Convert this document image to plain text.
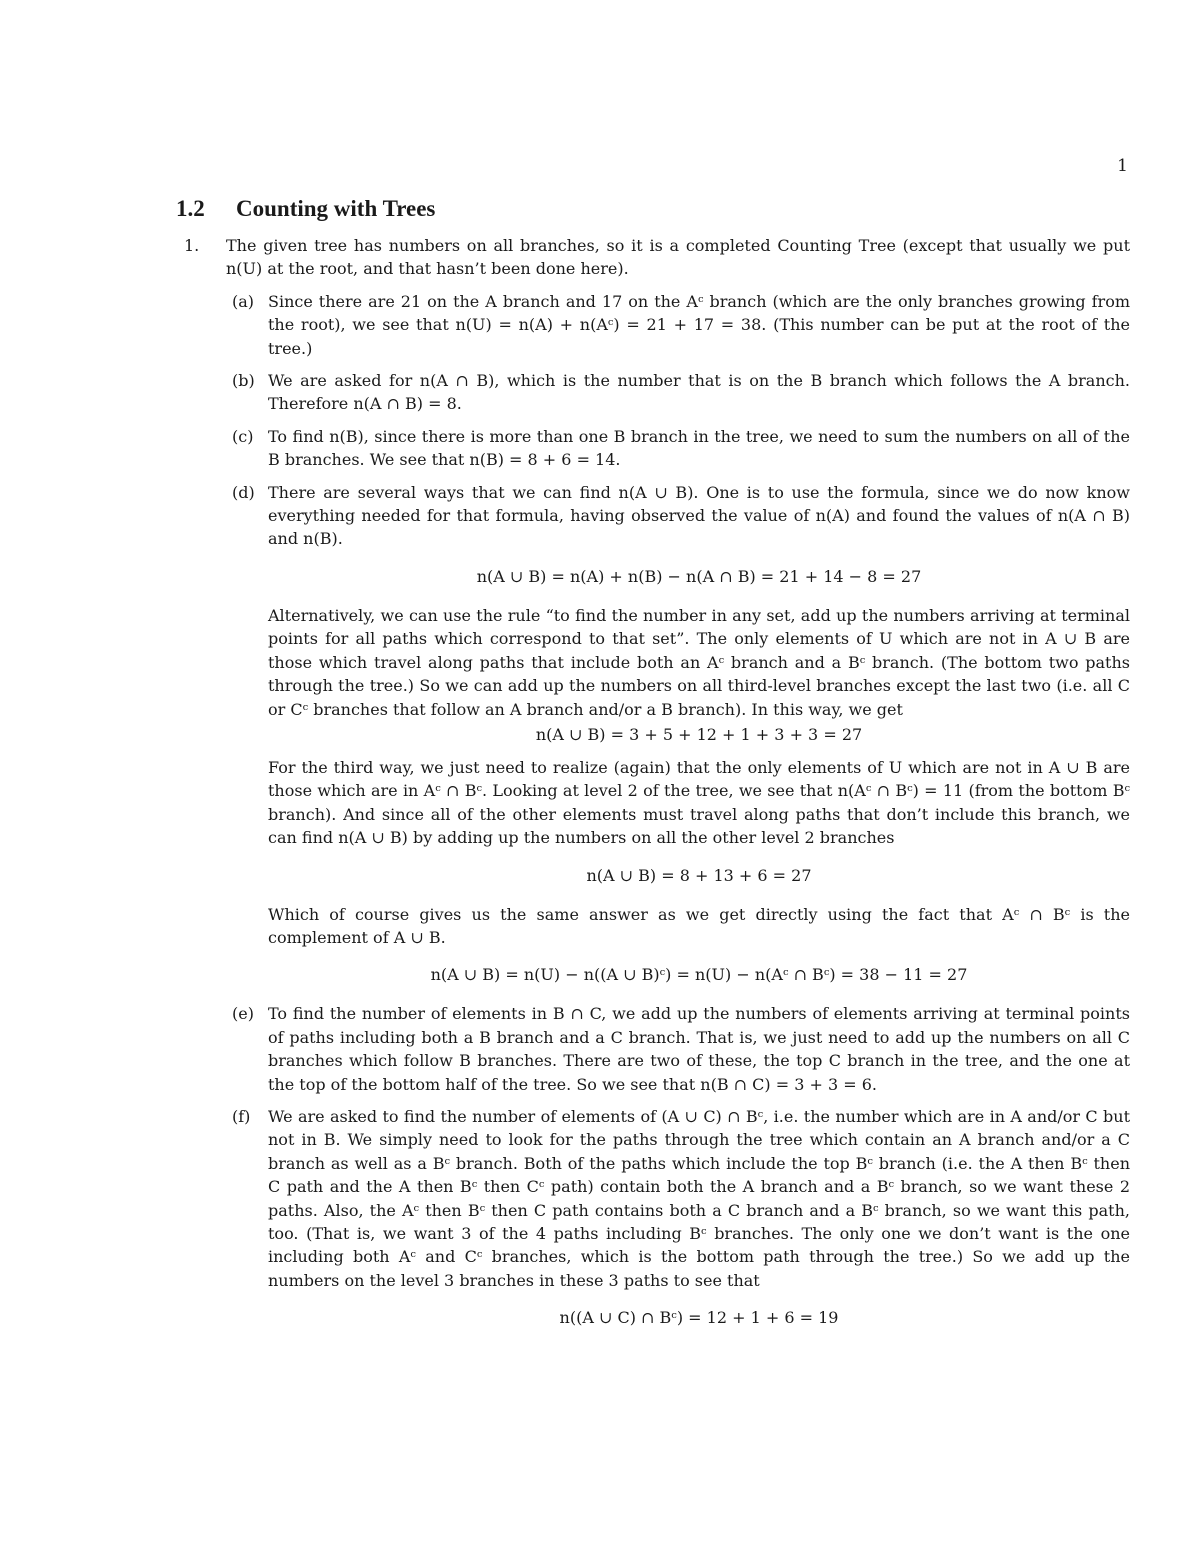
1
1.2 Counting with Trees
1. The given tree has numbers on all branches, so it is a completed Counting Tree (except that usually we put n(U) at the root, and that hasn’t been done here).

(a) Since there are 21 on the A branch and 17 on the Aᶜ branch (which are the only branches growing from the root), we see that n(U) = n(A) + n(Aᶜ) = 21 + 17 = 38. (This number can be put at the root of the tree.)

(b) We are asked for n(A ∩ B), which is the number that is on the B branch which follows the A branch. Therefore n(A ∩ B) = 8.

(c) To find n(B), since there is more than one B branch in the tree, we need to sum the numbers on all of the B branches. We see that n(B) = 8 + 6 = 14.

(d) There are several ways that we can find n(A ∪ B). One is to use the formula, since we do now know everything needed for that formula, having observed the value of n(A) and found the values of n(A ∩ B) and n(B).

n(A ∪ B) = n(A) + n(B) − n(A ∩ B) = 21 + 14 − 8 = 27

Alternatively, we can use the rule “to find the number in any set, add up the numbers arriving at terminal points for all paths which correspond to that set”. The only elements of U which are not in A ∪ B are those which travel along paths that include both an Aᶜ branch and a Bᶜ branch. (The bottom two paths through the tree.) So we can add up the numbers on all third-level branches except the last two (i.e. all C or Cᶜ branches that follow an A branch and/or a B branch). In this way, we get

n(A ∪ B) = 3 + 5 + 12 + 1 + 3 + 3 = 27

For the third way, we just need to realize (again) that the only elements of U which are not in A ∪ B are those which are in Aᶜ ∩ Bᶜ. Looking at level 2 of the tree, we see that n(Aᶜ ∩ Bᶜ) = 11 (from the bottom Bᶜ branch). And since all of the other elements must travel along paths that don’t include this branch, we can find n(A ∪ B) by adding up the numbers on all the other level 2 branches

n(A ∪ B) = 8 + 13 + 6 = 27

Which of course gives us the same answer as we get directly using the fact that Aᶜ ∩ Bᶜ is the complement of A ∪ B.

n(A ∪ B) = n(U) − n((A ∪ B)ᶜ) = n(U) − n(Aᶜ ∩ Bᶜ) = 38 − 11 = 27
(e) To find the number of elements in B ∩ C, we add up the numbers of elements arriving at terminal points of paths including both a B branch and a C branch. That is, we just need to add up the numbers on all C branches which follow B branches. There are two of these, the top C branch in the tree, and the one at the top of the bottom half of the tree. So we see that n(B ∩ C) = 3 + 3 = 6.

(f) We are asked to find the number of elements of (A ∪ C) ∩ Bᶜ, i.e. the number which are in A and/or C but not in B. We simply need to look for the paths through the tree which contain an A branch and/or a C branch as well as a Bᶜ branch. Both of the paths which include the top Bᶜ branch (i.e. the A then Bᶜ then C path and the A then Bᶜ then Cᶜ path) contain both the A branch and a Bᶜ branch, so we want these 2 paths. Also, the Aᶜ then Bᶜ then C path contains both a C branch and a Bᶜ branch, so we want this path, too. (That is, we want 3 of the 4 paths including Bᶜ branches. The only one we don’t want is the one including both Aᶜ and Cᶜ branches, which is the bottom path through the tree.) So we add up the numbers on the level 3 branches in these 3 paths to see that

n((A ∪ C) ∩ Bᶜ) = 12 + 1 + 6 = 19
